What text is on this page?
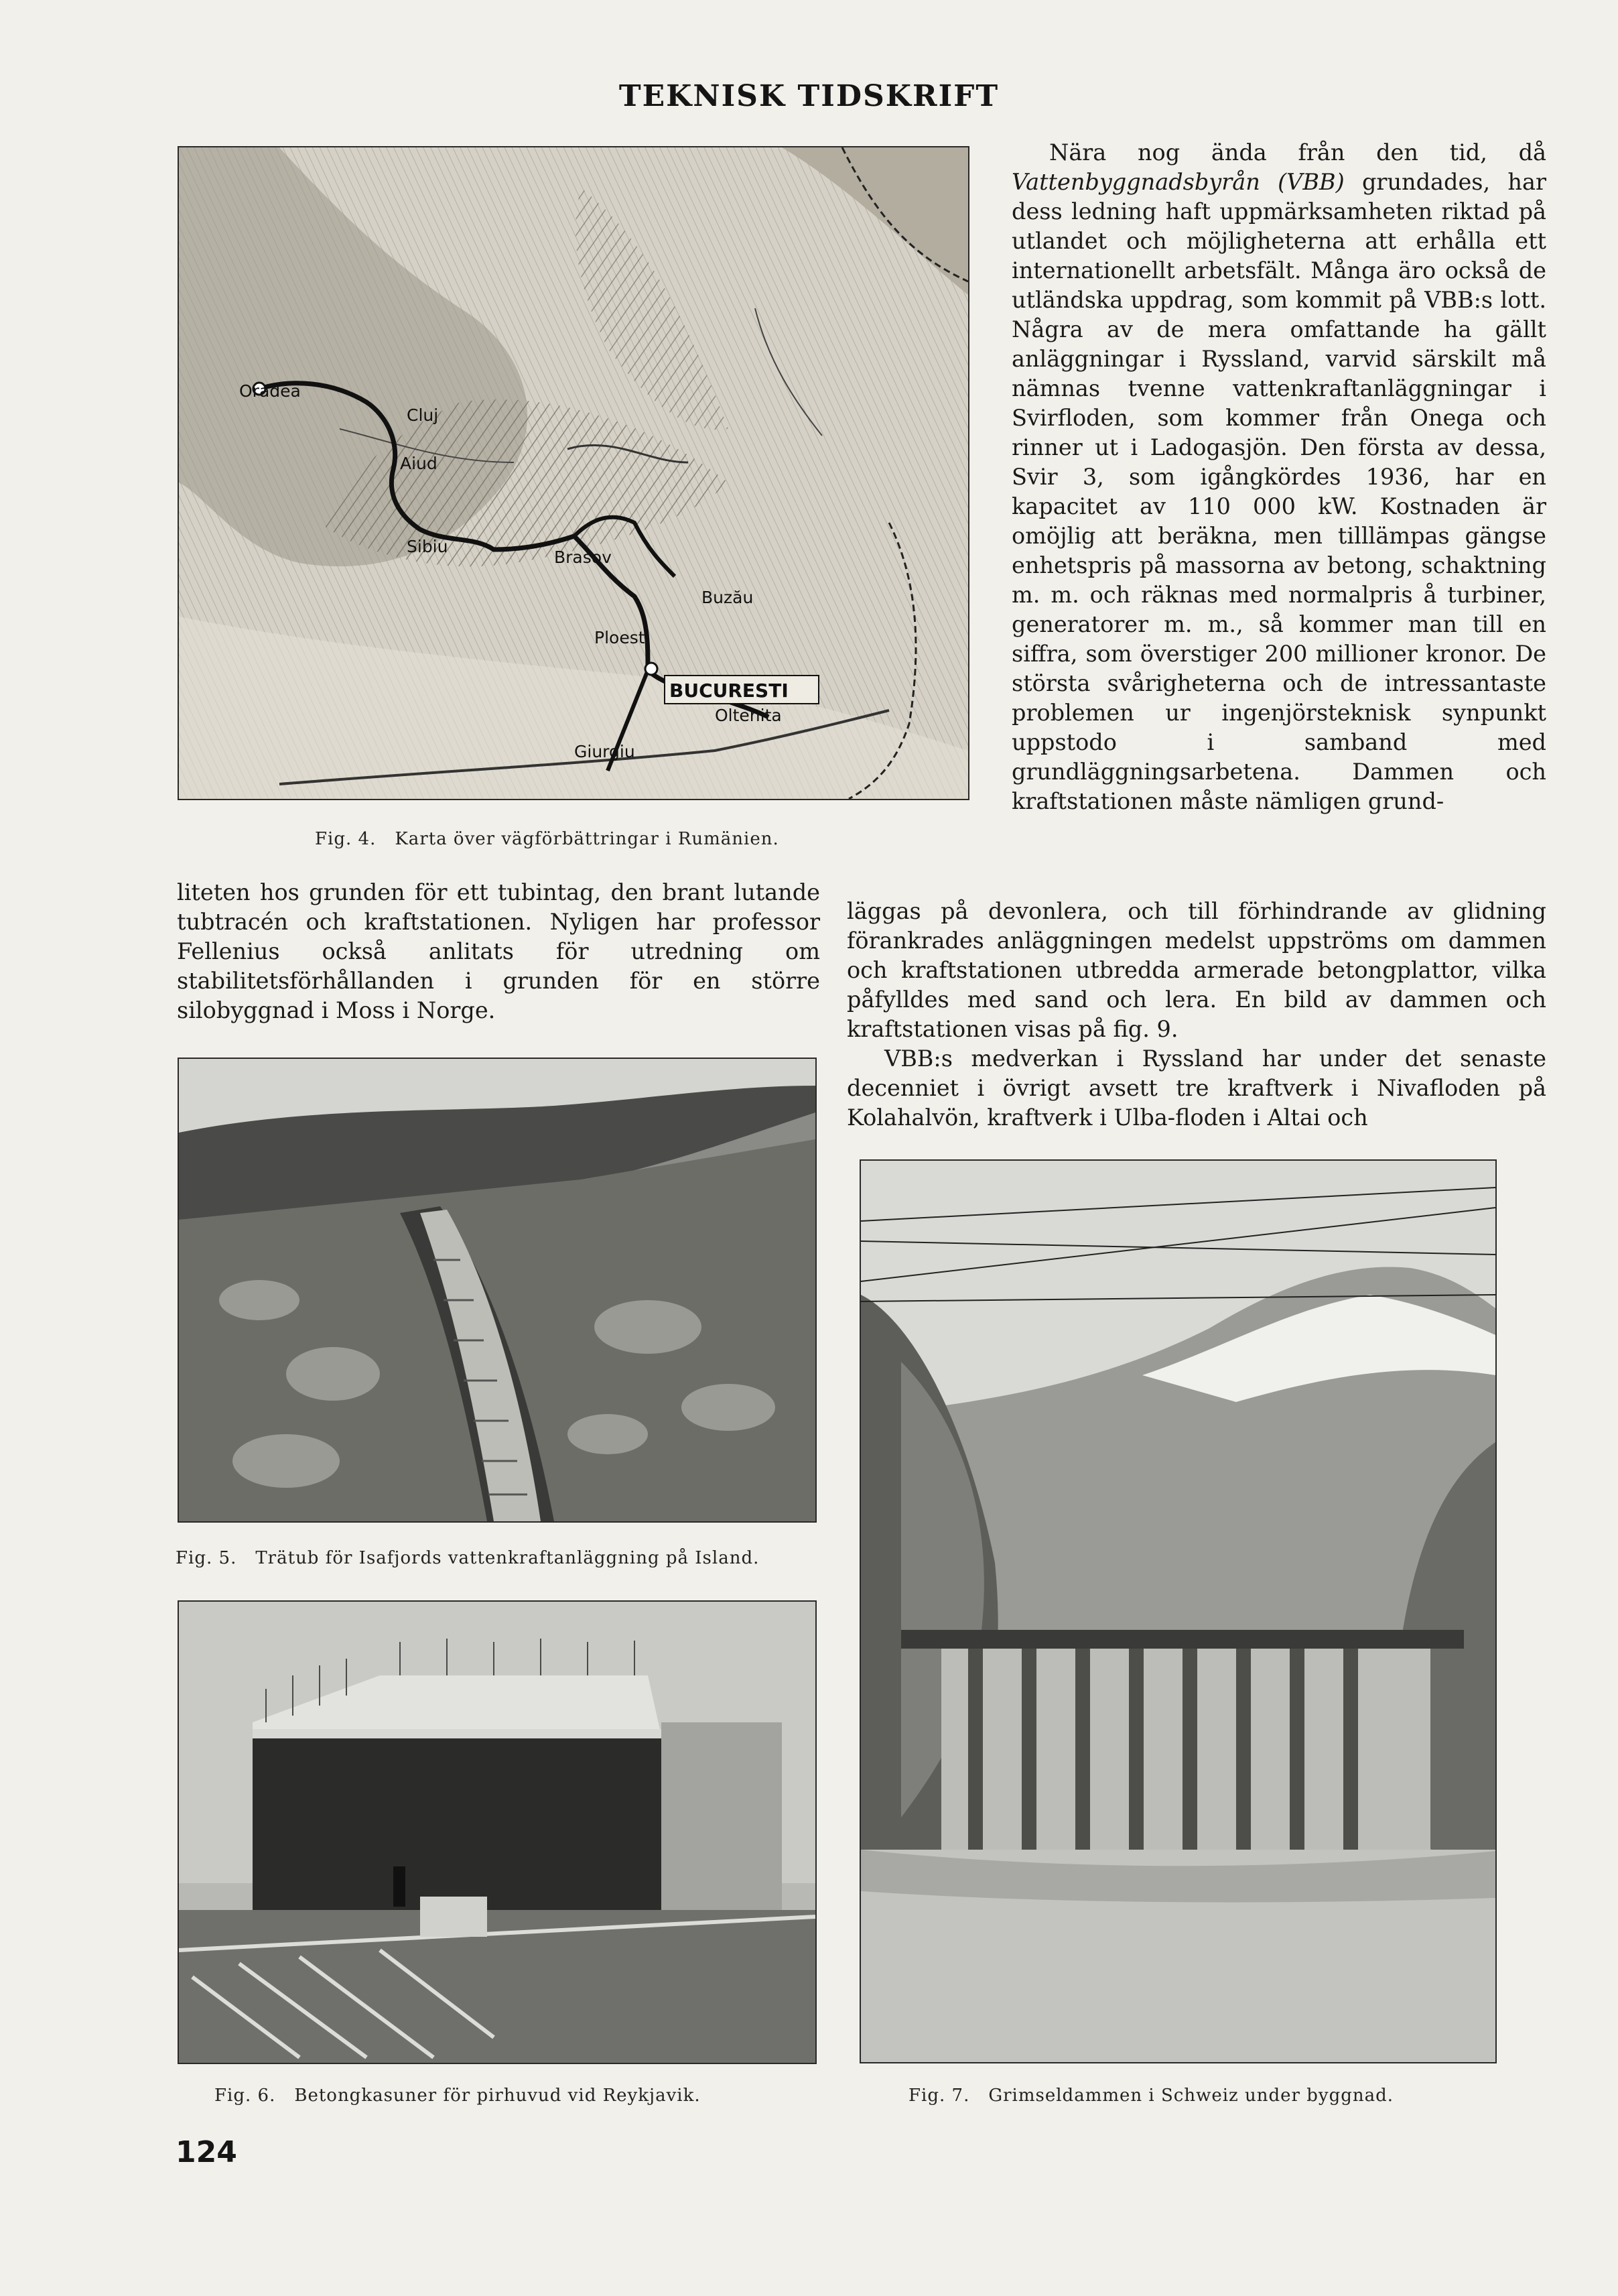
TEKNISK TIDSKRIFT
Oradea
Cluj
Aiud
Sibiu
Brasov
Buzău
Ploesti
BUCURESTI
Oltenita
Giurgiu
Fig. 4. Karta över vägförbättringar i Rumänien.

liteten hos grunden för ett tubintag, den brant lutande tubtracén och kraftstationen. Nyligen har professor Fellenius också anlitats för utredning om stabilitetsförhållanden i grunden för en större silobyggnad i Moss i Norge.

Fig. 5. Trätub för Isafjords vattenkraftanläggning på Island.
Fig. 6. Betongkasuner för pirhuvud vid Reykjavik.

Nära nog ända från den tid, då Vattenbyggnadsbyrån (VBB) grundades, har dess ledning haft uppmärksamheten riktad på utlandet och möjligheterna att erhålla ett internationellt arbetsfält. Många äro också de utländska uppdrag, som kommit på VBB:s lott. Några av de mera omfattande ha gällt anläggningar i Ryssland, varvid särskilt må nämnas tvenne vattenkraftanläggningar i Svirfloden, som kommer från Onega och rinner ut i Ladogasjön. Den första av dessa, Svir 3, som igångkördes 1936, har en kapacitet av 110 000 kW. Kostnaden är omöjlig att beräkna, men tilllämpas gängse enhetspris på massorna av betong, schaktning m. m. och räknas med normalpris å turbiner, generatorer m. m., så kommer man till en siffra, som överstiger 200 millioner kronor. De största svårigheterna och de intressantaste problemen ur ingenjörsteknisk synpunkt uppstodo i samband med grundläggningsarbetena. Dammen och kraftstationen måste nämligen grund-

läggas på devonlera, och till förhindrande av glidning förankrades anläggningen medelst uppströms om dammen och kraftstationen utbredda armerade betongplattor, vilka påfylldes med sand och lera. En bild av dammen och kraftstationen visas på fig. 9.

VBB:s medverkan i Ryssland har under det senaste decenniet i övrigt avsett tre kraftverk i Nivafloden på Kolahalvön, kraftverk i Ulba-floden i Altai och

Fig. 7. Grimseldammen i Schweiz under byggnad.
124
